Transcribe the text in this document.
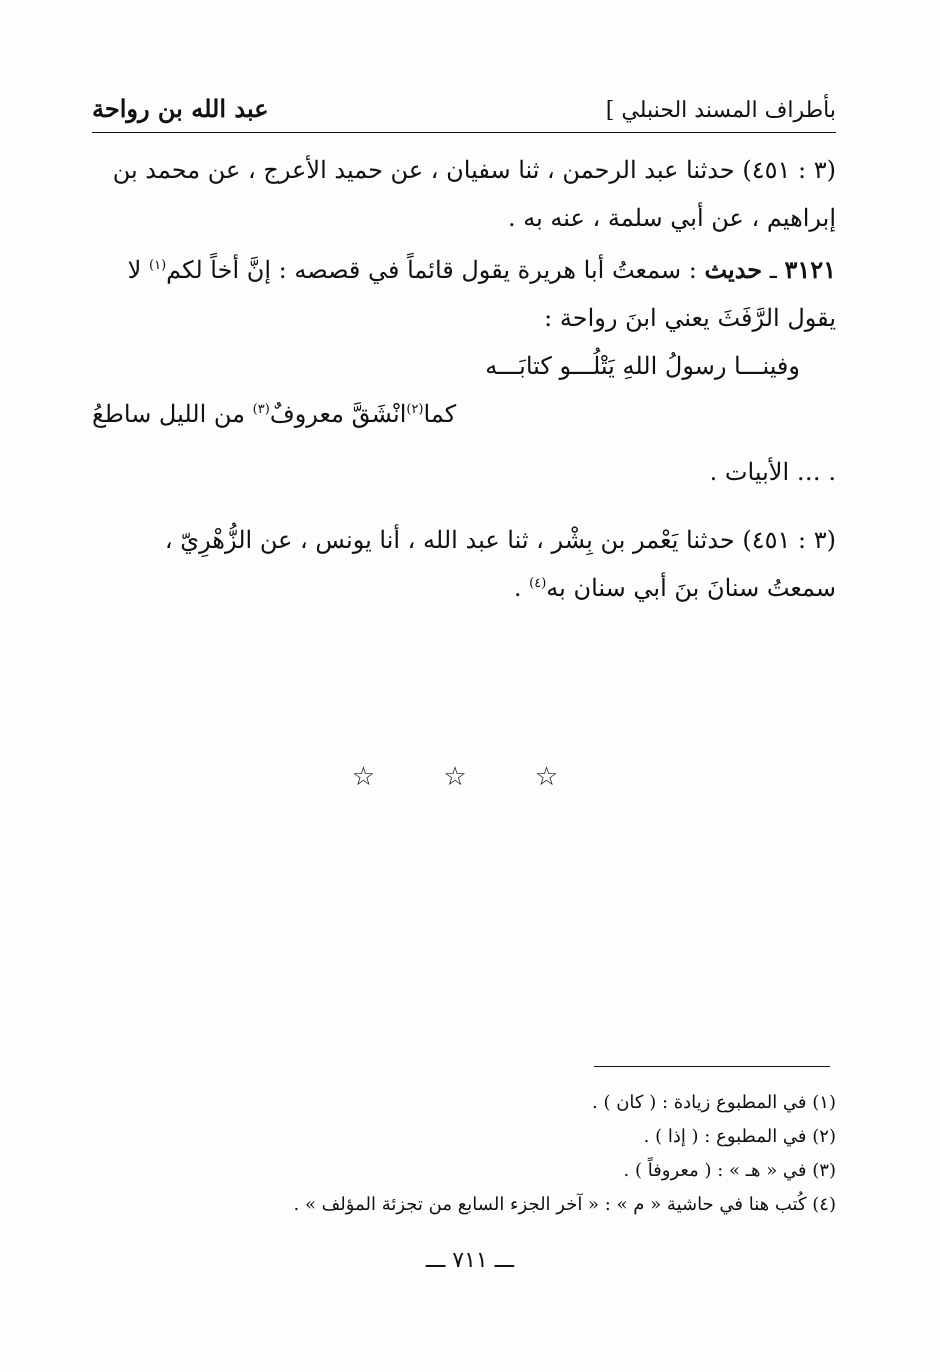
بأطراف المسند الحنبلي ]
عبد الله بن رواحة
(٣ : ٤٥١) حدثنا عبد الرحمن ، ثنا سفيان ، عن حميد الأعرج ، عن محمد بن إبراهيم ، عن أبي سلمة ، عنه به .
٣١٢١ ـ حديث : سمعتُ أبا هريرة يقول قائماً في قصصه : إنَّ أخاً لكم$^{(١)}$ لا يقول الرَّفَثَ يعني ابنَ رواحة :
وفينـــا رسولُ اللهِ يَتْلُـــو كتابَـــه
كما$^{(٢)}$انْشَقَّ معروفٌ$^{(٣)}$ من الليل ساطعُ
. … الأبيات .
(٣ : ٤٥١) حدثنا يَعْمر بن بِشْر ، ثنا عبد الله ، أنا يونس ، عن الزُّهْرِيّ ، سمعتُ سنانَ بنَ أبي سنان به$^{(٤)}$ .
☆ ☆ ☆
(١) في المطبوع زيادة : ( كان ) .
(٢) في المطبوع : ( إذا ) .
(٣) في « هـ » : ( معروفاً ) .
(٤) كُتب هنا في حاشية « م » : « آخر الجزء السابع من تجزئة المؤلف » .
ـــ ٧١١ ـــ
